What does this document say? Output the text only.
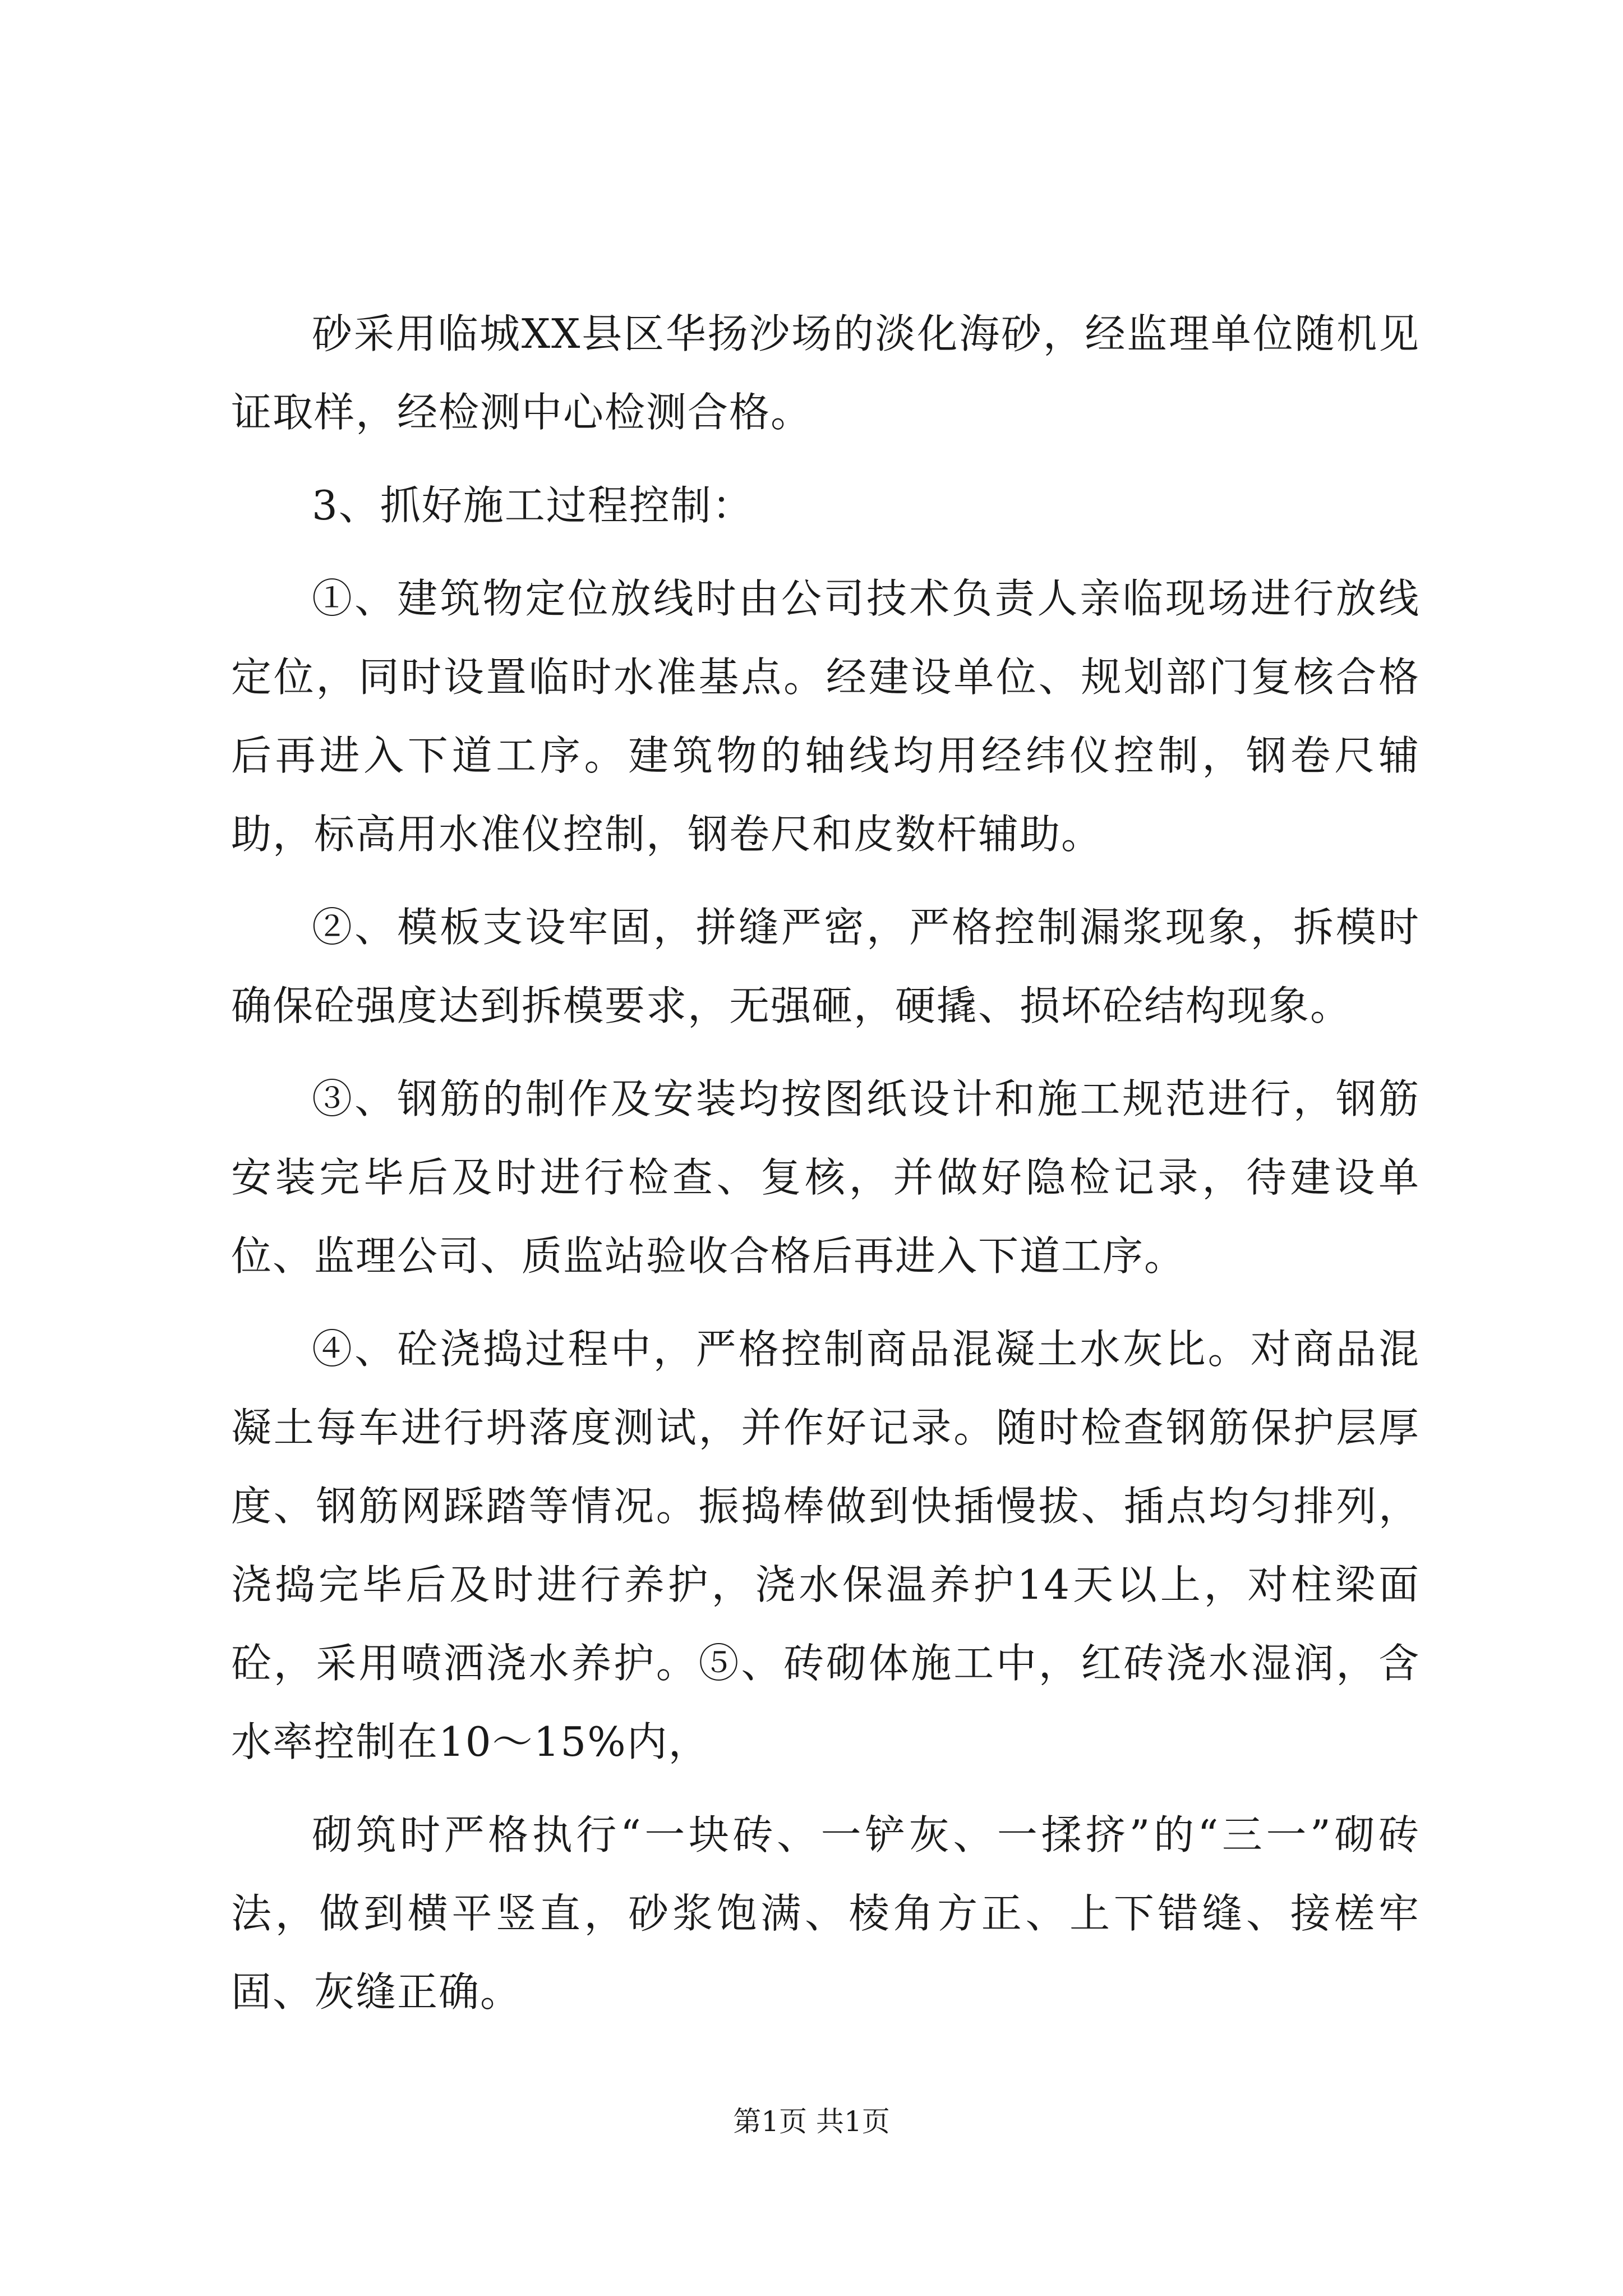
砂采用临城XX县区华扬沙场的淡化海砂，经监理单位随机见证取样，经检测中心检测合格。

3、抓好施工过程控制：

①、建筑物定位放线时由公司技术负责人亲临现场进行放线定位，同时设置临时水准基点。经建设单位、规划部门复核合格后再进入下道工序。建筑物的轴线均用经纬仪控制，钢卷尺辅助，标高用水准仪控制，钢卷尺和皮数杆辅助。

②、模板支设牢固，拼缝严密，严格控制漏浆现象，拆模时确保砼强度达到拆模要求，无强砸，硬撬、损坏砼结构现象。

③、钢筋的制作及安装均按图纸设计和施工规范进行，钢筋安装完毕后及时进行检查、复核，并做好隐检记录，待建设单位、监理公司、质监站验收合格后再进入下道工序。

④、砼浇捣过程中，严格控制商品混凝土水灰比。对商品混凝土每车进行坍落度测试，并作好记录。随时检查钢筋保护层厚度、钢筋网踩踏等情况。振捣棒做到快插慢拔、插点均匀排列，浇捣完毕后及时进行养护，浇水保温养护14天以上，对柱梁面砼，采用喷洒浇水养护。⑤、砖砌体施工中，红砖浇水湿润，含水率控制在10～15%内，

砌筑时严格执行“一块砖、一铲灰、一揉挤”的“三一”砌砖法，做到横平竖直，砂浆饱满、棱角方正、上下错缝、接槎牢固、灰缝正确。

第1页 共1页
